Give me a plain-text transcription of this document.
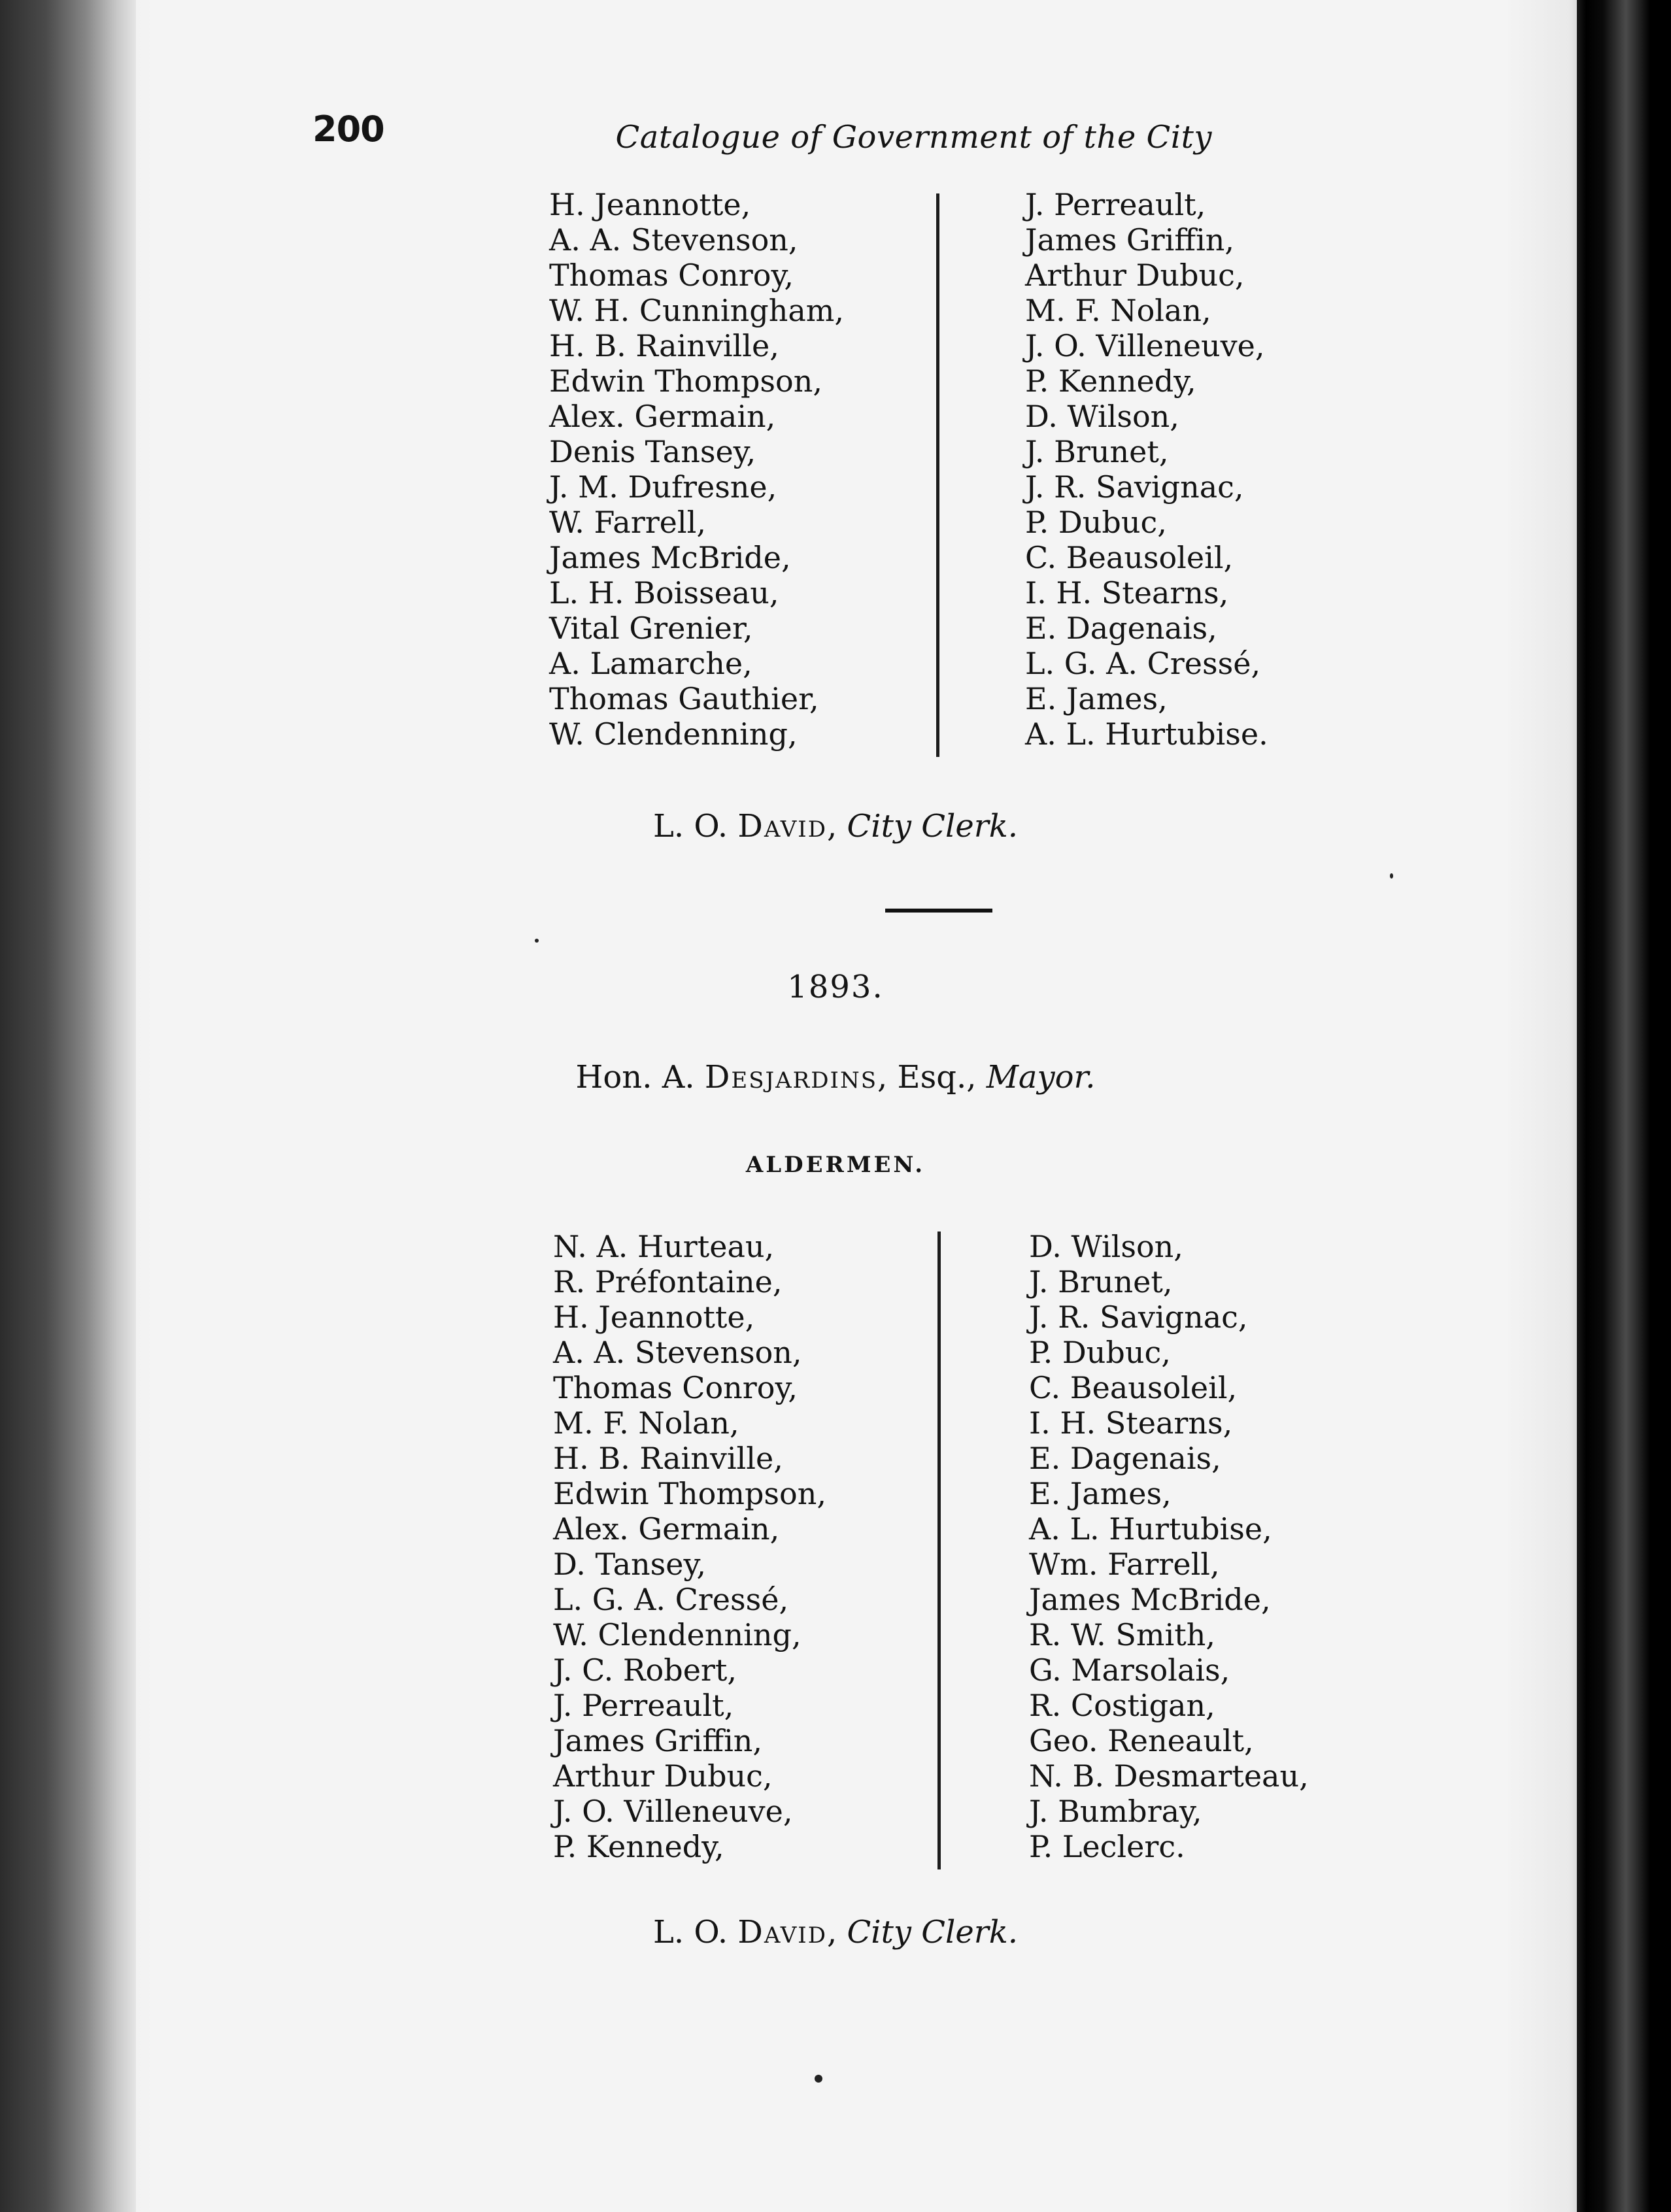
200	Catalogue of Government of the City

H. Jeannotte,
A. A. Stevenson,
Thomas Conroy,
W. H. Cunningham,
H. B. Rainville,
Edwin Thompson,
Alex. Germain,
Denis Tansey,
J. M. Dufresne,
W. Farrell,
James McBride,
L. H. Boisseau,
Vital Grenier,
A. Lamarche,
Thomas Gauthier,
W. Clendenning,
J. Perreault,
James Griffin,
Arthur Dubuc,
M. F. Nolan,
J. O. Villeneuve,
P. Kennedy,
D. Wilson,
J. Brunet,
J. R. Savignac,
P. Dubuc,
C. Beausoleil,
I. H. Stearns,
E. Dagenais,
L. G. A. Cressé,
E. James,
A. L. Hurtubise.

L. O. David, City Clerk.

1893.

Hon. A. Desjardins, Esq., Mayor.

ALDERMEN.

N. A. Hurteau,
R. Préfontaine,
H. Jeannotte,
A. A. Stevenson,
Thomas Conroy,
M. F. Nolan,
H. B. Rainville,
Edwin Thompson,
Alex. Germain,
D. Tansey,
L. G. A. Cressé,
W. Clendenning,
J. C. Robert,
J. Perreault,
James Griffin,
Arthur Dubuc,
J. O. Villeneuve,
P. Kennedy,
D. Wilson,
J. Brunet,
J. R. Savignac,
P. Dubuc,
C. Beausoleil,
I. H. Stearns,
E. Dagenais,
E. James,
A. L. Hurtubise,
Wm. Farrell,
James McBride,
R. W. Smith,
G. Marsolais,
R. Costigan,
Geo. Reneault,
N. B. Desmarteau,
J. Bumbray,
P. Leclerc.

L. O. David, City Clerk.
